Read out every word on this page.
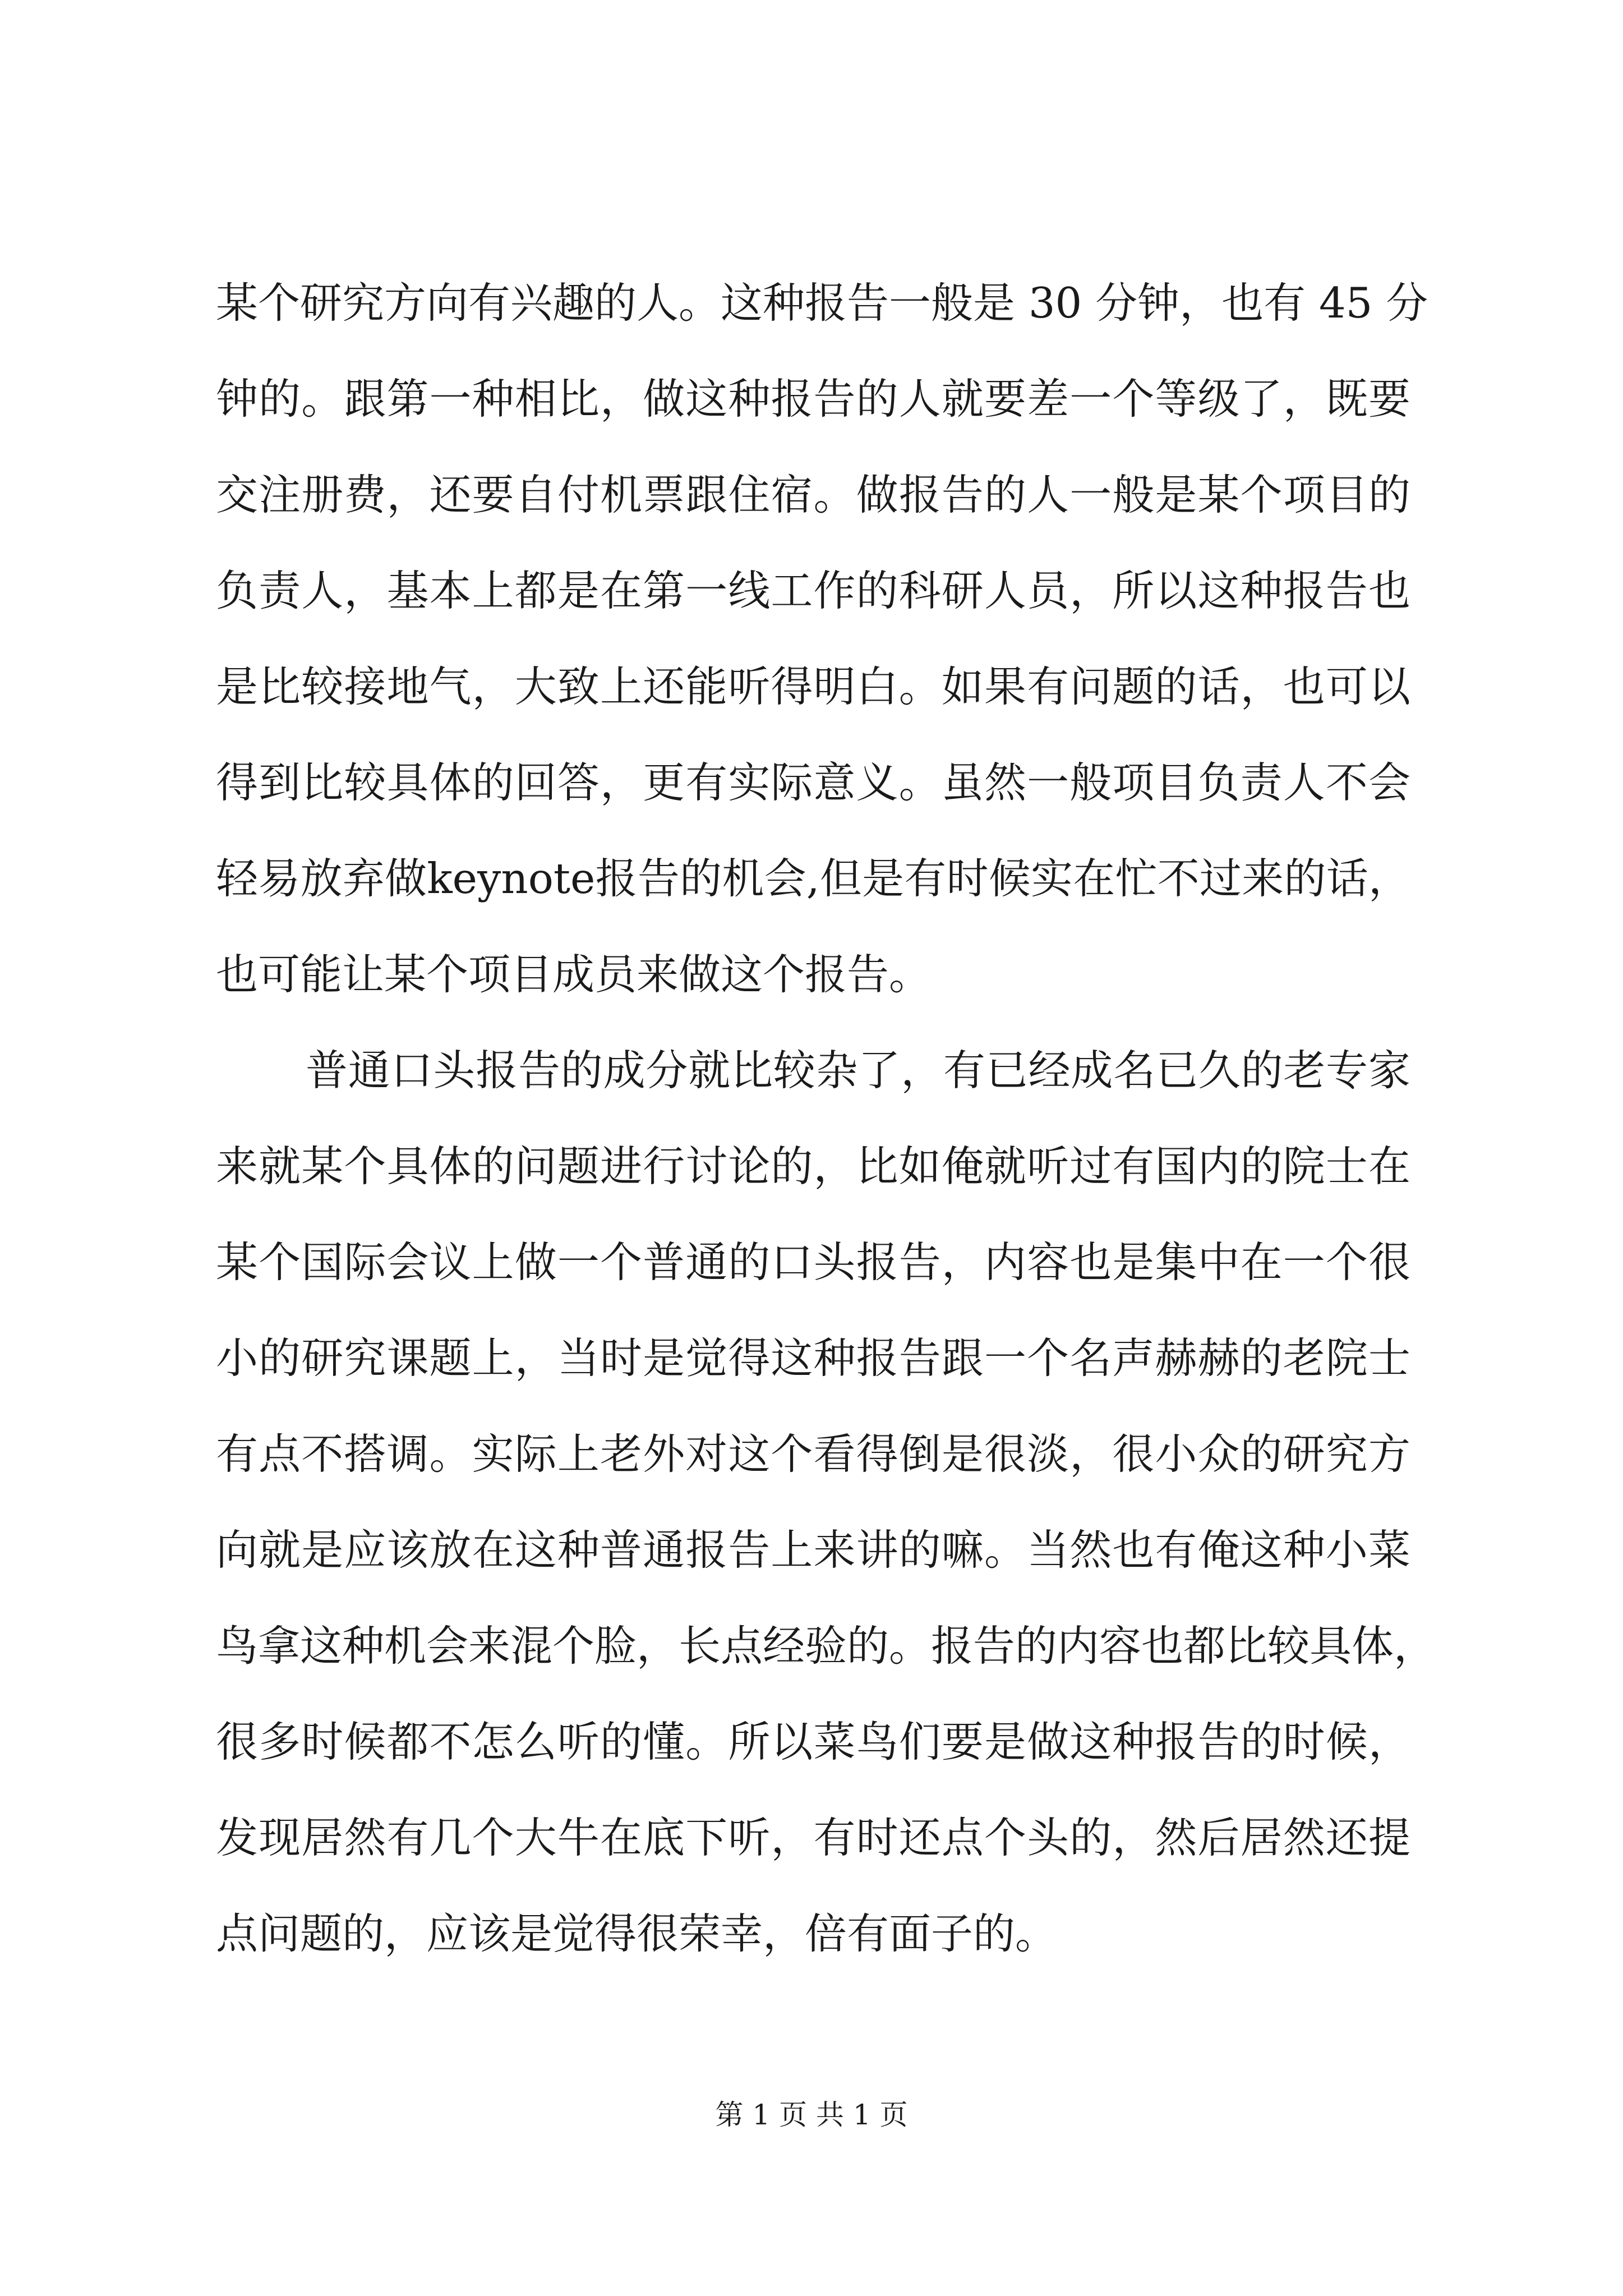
某个研究方向有兴趣的人。这种报告一般是 30 分钟，也有 45 分
钟的。跟第一种相比，做这种报告的人就要差一个等级了，既要
交注册费，还要自付机票跟住宿。做报告的人一般是某个项目的
负责人，基本上都是在第一线工作的科研人员，所以这种报告也
是比较接地气，大致上还能听得明白。如果有问题的话，也可以
得到比较具体的回答，更有实际意义。虽然一般项目负责人不会
轻易放弃做keynote报告的机会,但是有时候实在忙不过来的话，
也可能让某个项目成员来做这个报告。
普通口头报告的成分就比较杂了，有已经成名已久的老专家
来就某个具体的问题进行讨论的，比如俺就听过有国内的院士在
某个国际会议上做一个普通的口头报告，内容也是集中在一个很
小的研究课题上，当时是觉得这种报告跟一个名声赫赫的老院士
有点不搭调。实际上老外对这个看得倒是很淡，很小众的研究方
向就是应该放在这种普通报告上来讲的嘛。当然也有俺这种小菜
鸟拿这种机会来混个脸，长点经验的。报告的内容也都比较具体，
很多时候都不怎么听的懂。所以菜鸟们要是做这种报告的时候，
发现居然有几个大牛在底下听，有时还点个头的，然后居然还提
点问题的，应该是觉得很荣幸，倍有面子的。
第 1 页 共 1 页
